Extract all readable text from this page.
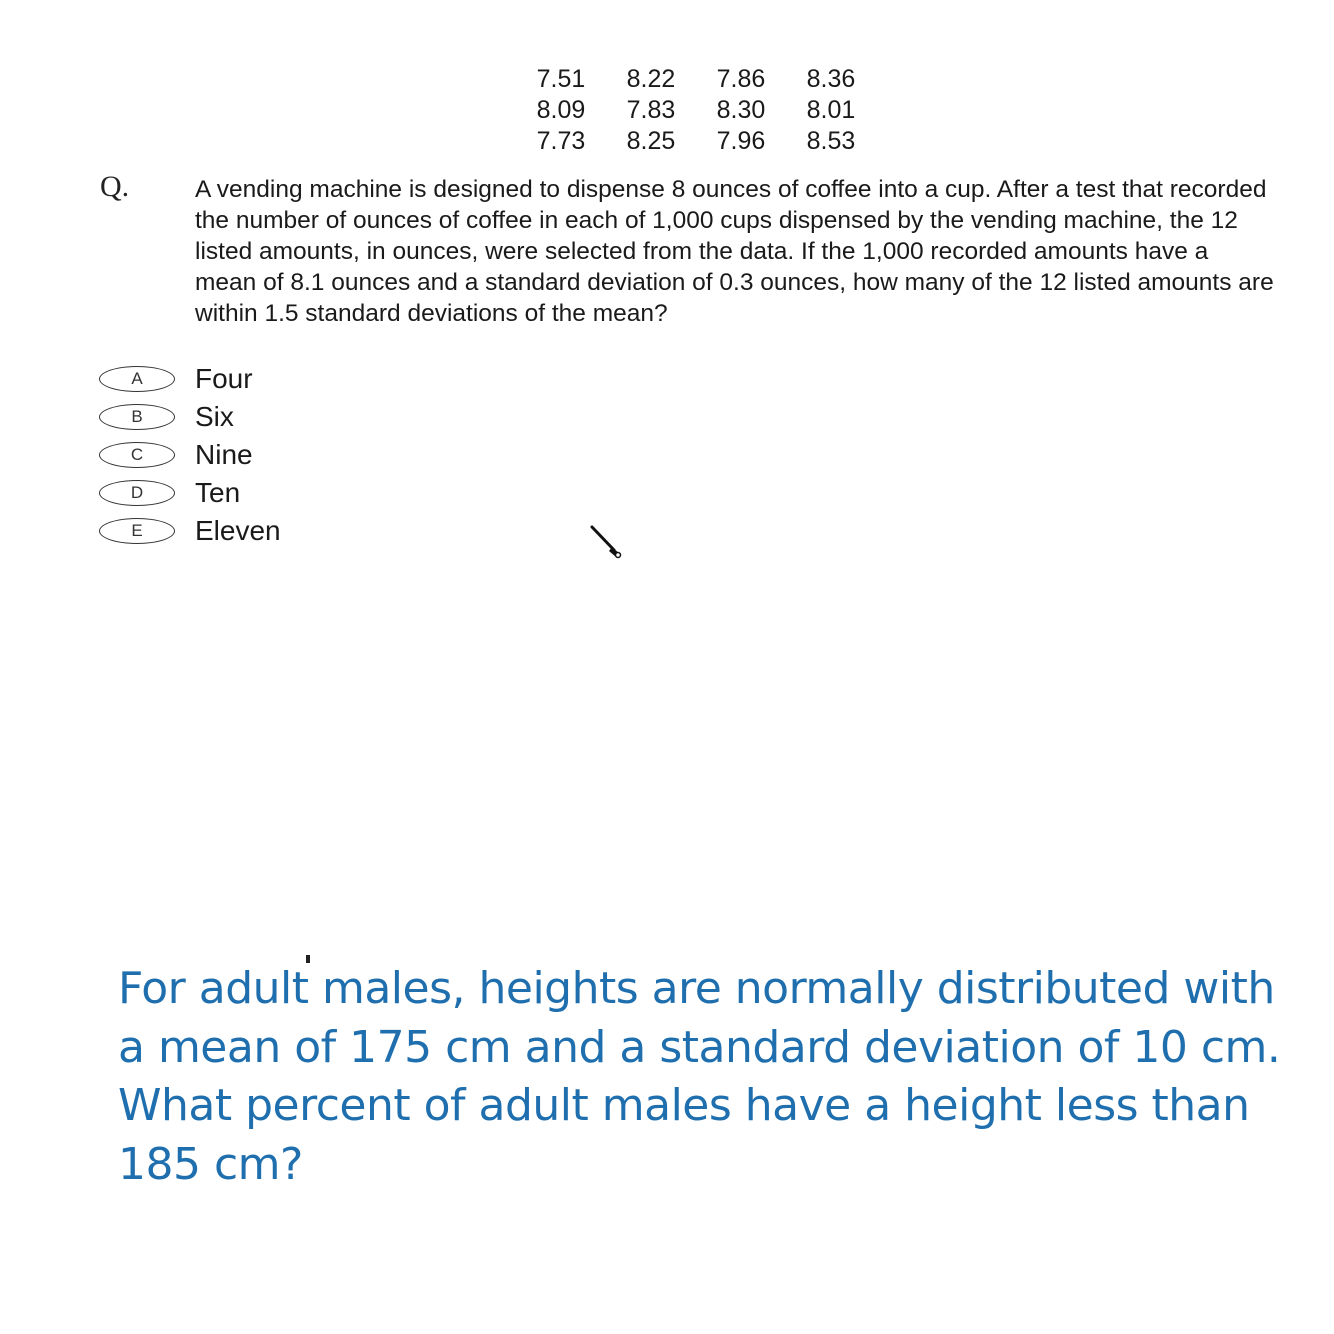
7.51	8.22	7.86	8.36
8.09	7.83	8.30	8.01
7.73	8.25	7.96	8.53
Q.	A vending machine is designed to dispense 8 ounces of coffee into a cup. After a test that recorded the number of ounces of coffee in each of 1,000 cups dispensed by the vending machine, the 12 listed amounts, in ounces, were selected from the data. If the 1,000 recorded amounts have a mean of 8.1 ounces and a standard deviation of 0.3 ounces, how many of the 12 listed amounts are within 1.5 standard deviations of the mean?
A	Four
B	Six
C	Nine
D	Ten
E	Eleven
For adult males, heights are normally distributed with a mean of 175 cm and a standard deviation of 10 cm. What percent of adult males have a height less than 185 cm?
